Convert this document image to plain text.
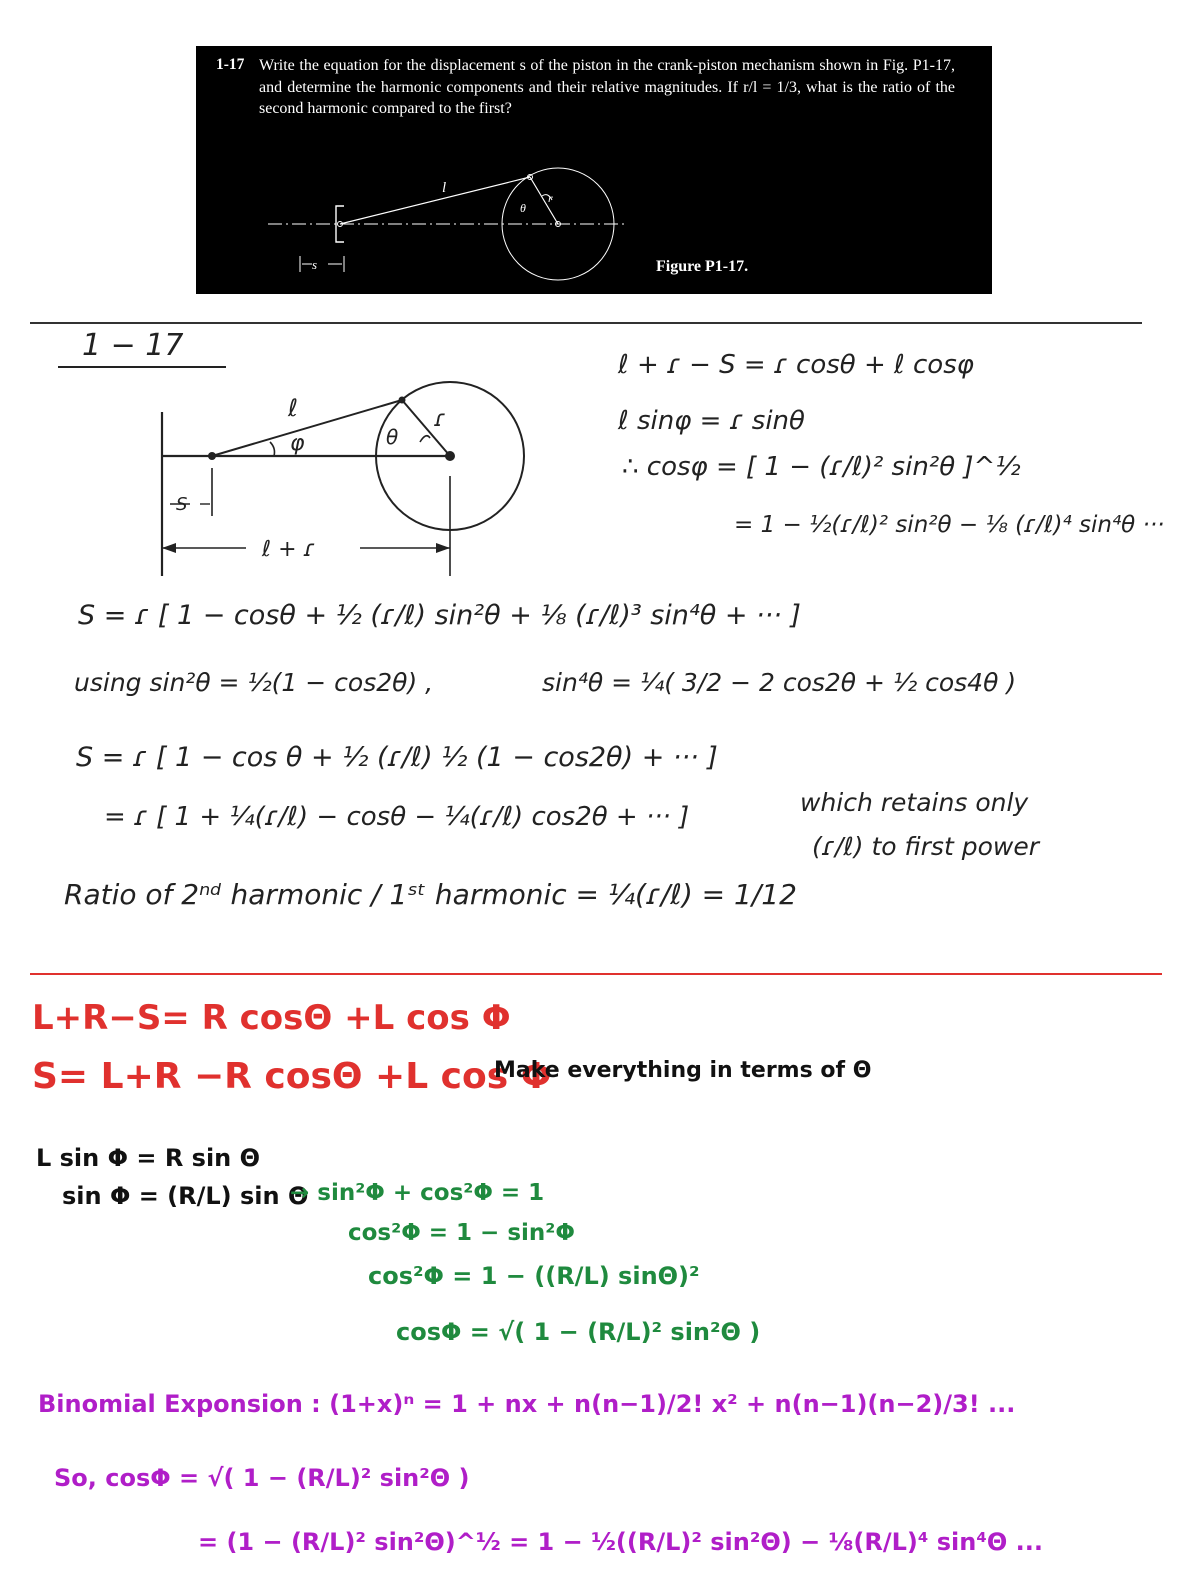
1-17 Write the equation for the displacement s of the piston in the crank-piston mechanism shown in Fig. P1-17, and determine the harmonic components and their relative magnitudes. If r/l = 1/3, what is the ratio of the second harmonic compared to the first?
s
l
θ
r
Figure P1-17.
1 − 17
S
ℓ
φ	θ
ɾ
ℓ + ɾ
ℓ + ɾ − S = ɾ cosθ + ℓ cosφ
ℓ sinφ = ɾ sinθ
∴ cosφ = [ 1 − (ɾ/ℓ)² sin²θ ]^½
= 1 − ½(ɾ/ℓ)² sin²θ − ⅛ (ɾ/ℓ)⁴ sin⁴θ ···
S = ɾ [ 1 − cosθ + ½ (ɾ/ℓ) sin²θ + ⅛ (ɾ/ℓ)³ sin⁴θ + ··· ]
using sin²θ = ½(1 − cos2θ) ,	sin⁴θ = ¼( 3/2 − 2 cos2θ + ½ cos4θ )
S = ɾ [ 1 − cos θ + ½ (ɾ/ℓ) ½ (1 − cos2θ) + ··· ]
= ɾ [ 1 + ¼(ɾ/ℓ) − cosθ − ¼(ɾ/ℓ) cos2θ + ··· ]	which retains only
(ɾ/ℓ) to first power
Ratio of 2ⁿᵈ harmonic / 1ˢᵗ harmonic = ¼(ɾ/ℓ) = 1/12
L+R−S= R cosΘ +L cos Φ
S= L+R −R cosΘ +L cos Φ
Make everything in terms of Θ
L sin Φ = R sin Θ
sin Φ = (R/L) sin Θ
→ sin²Φ + cos²Φ = 1
cos²Φ = 1 − sin²Φ
cos²Φ = 1 − ((R/L) sinΘ)²
cosΦ = √( 1 − (R/L)² sin²Θ )
Binomial Exponsion : (1+x)ⁿ = 1 + nx + n(n−1)/2! x² + n(n−1)(n−2)/3! ...
So, cosΦ = √( 1 − (R/L)² sin²Θ )
= (1 − (R/L)² sin²Θ)^½ = 1 − ½((R/L)² sin²Θ) − ⅛(R/L)⁴ sin⁴Θ ...
